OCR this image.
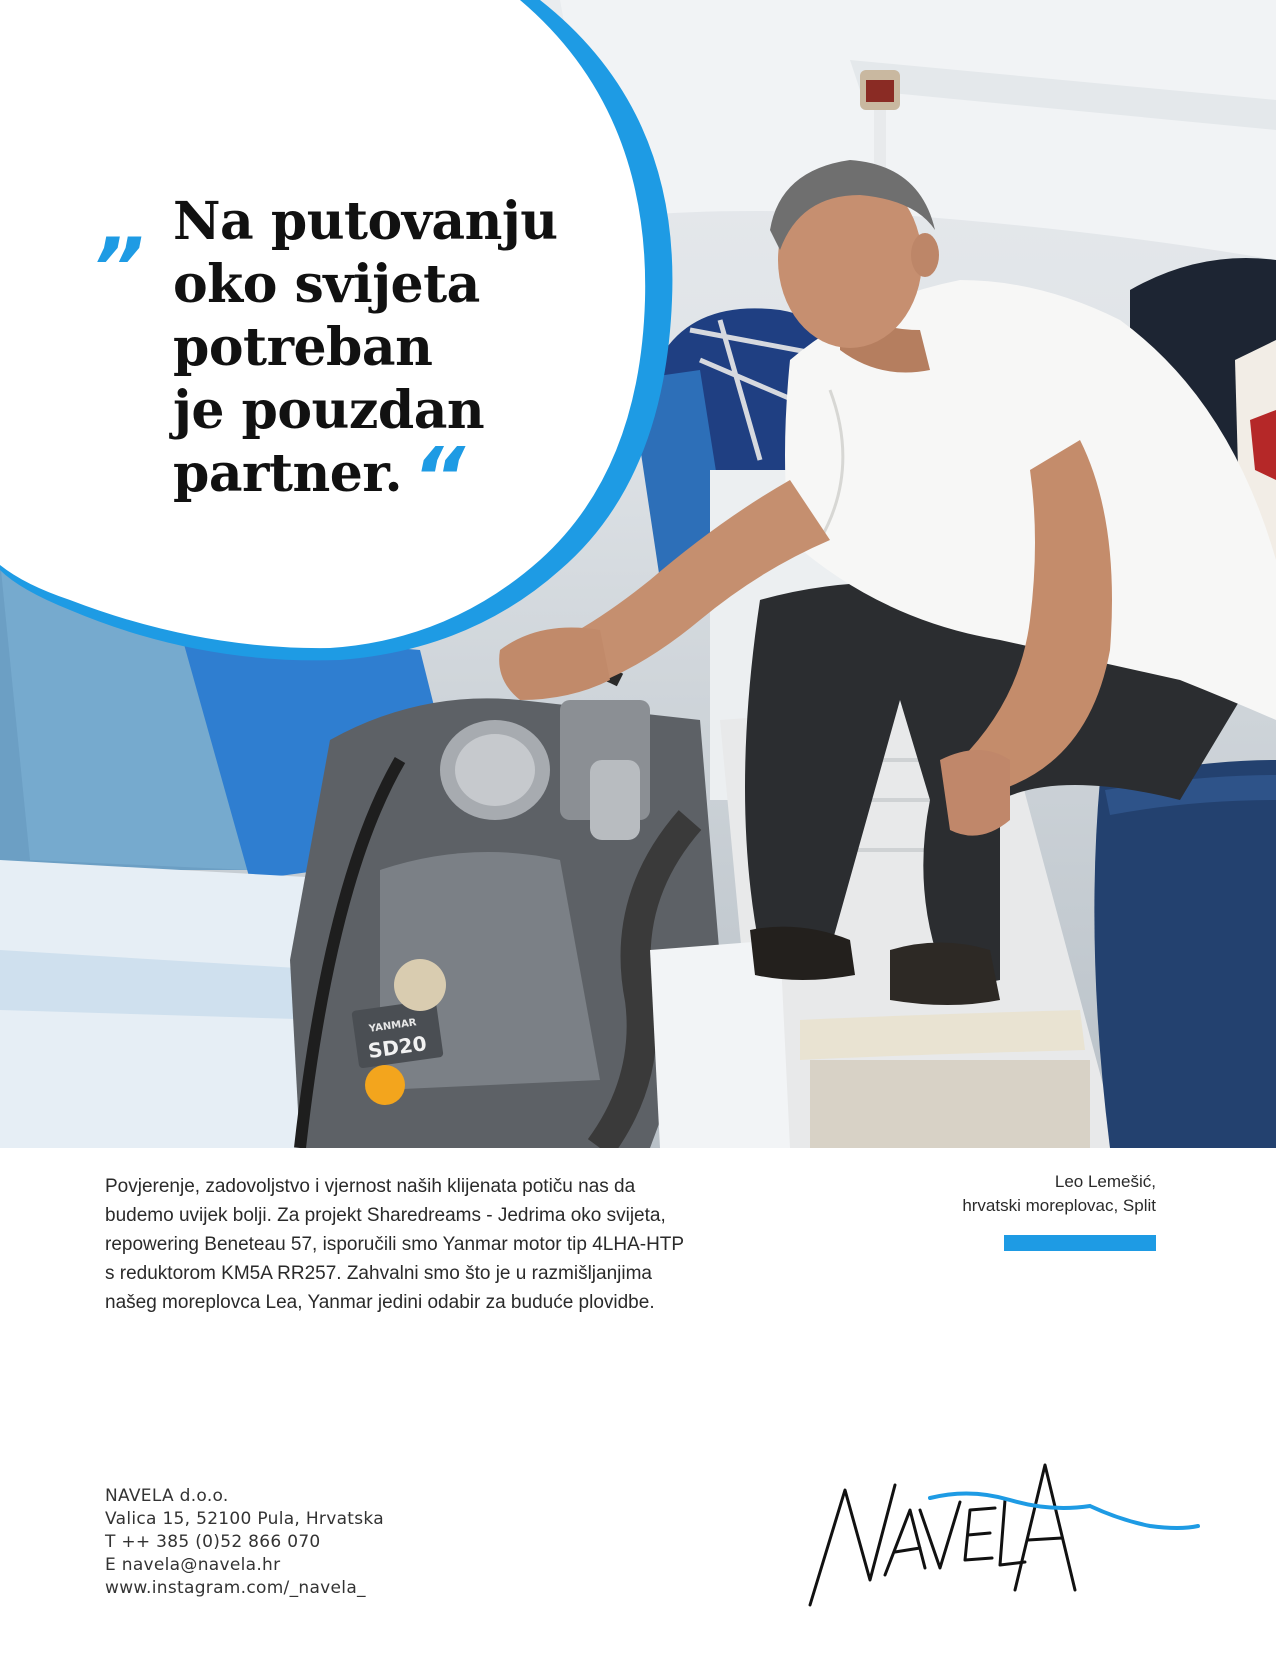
YANMAR
SD20
„ Na putovanju
oko svijeta
potreban
je pouzdan
partner. “

Povjerenje, zadovoljstvo i vjernost naših klijenata potiču nas da budemo uvijek bolji. Za projekt Sharedreams - Jedrima oko svijeta, repowering Beneteau 57, isporučili smo Yanmar motor tip 4LHA-HTP s reduktorom KM5A RR257. Zahvalni smo što je u razmišljanjima našeg moreplovca Lea, Yanmar jedini odabir za buduće plovidbe.

Leo Lemešić,
hrvatski moreplovac, Split
NAVELA d.o.o.
Valica 15, 52100 Pula, Hrvatska
T ++ 385 (0)52 866 070
E navela@navela.hr
www.instagram.com/_navela_
